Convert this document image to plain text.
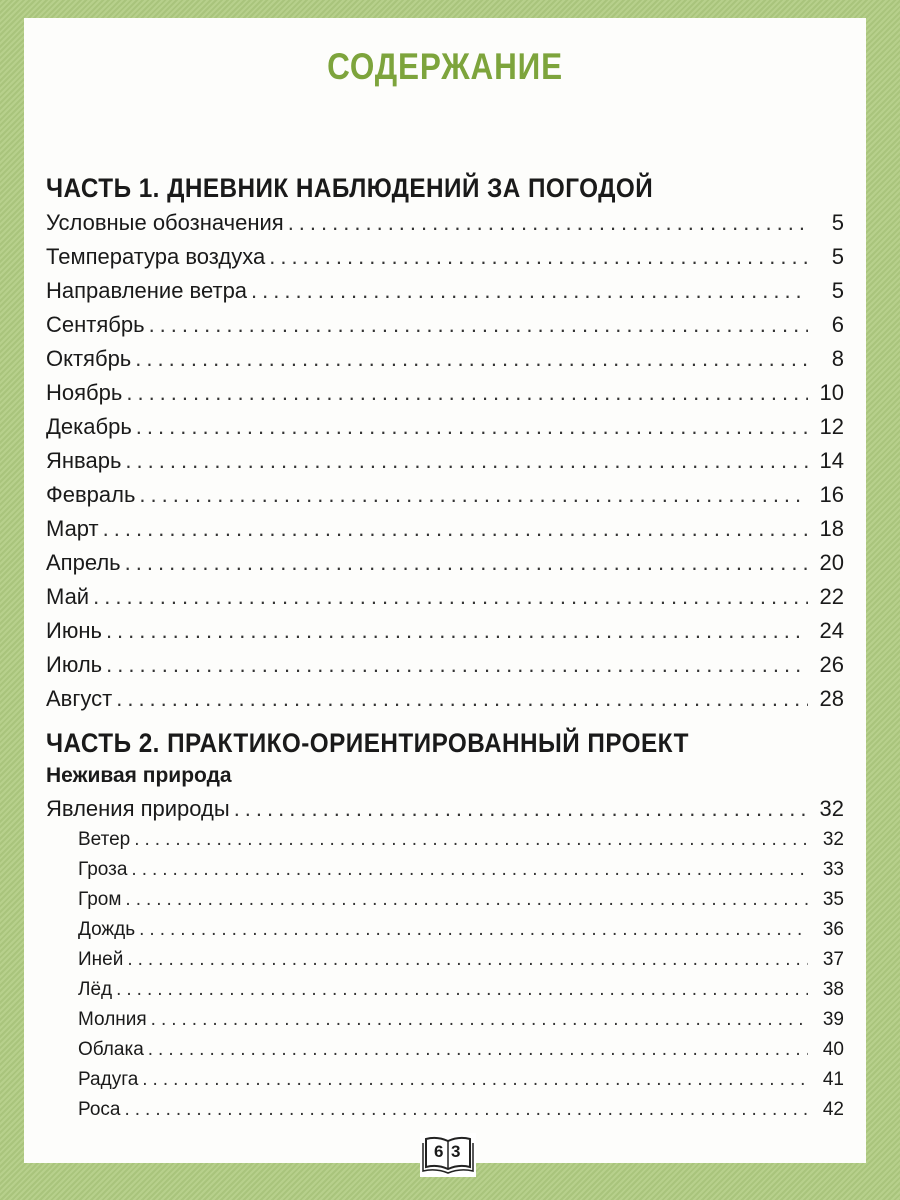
СОДЕРЖАНИЕ
ЧАСТЬ 1. ДНЕВНИК НАБЛЮДЕНИЙ ЗА ПОГОДОЙ
Условные обозначения .....	5
Температура воздуха .....	5
Направление ветра .....	5
Сентябрь .....	6
Октябрь .....	8
Ноябрь .....	10
Декабрь .....	12
Январь .....	14
Февраль .....	16
Март .....	18
Апрель .....	20
Май .....	22
Июнь .....	24
Июль .....	26
Август .....	28
ЧАСТЬ 2. ПРАКТИКО-ОРИЕНТИРОВАННЫЙ ПРОЕКТ
Неживая природа
Явления природы .....	32
Ветер .....	32
Гроза .....	33
Гром .....	35
Дождь .....	36
Иней .....	37
Лёд .....	38
Молния .....	39
Облака .....	40
Радуга .....	41
Роса .....	42
6 3
